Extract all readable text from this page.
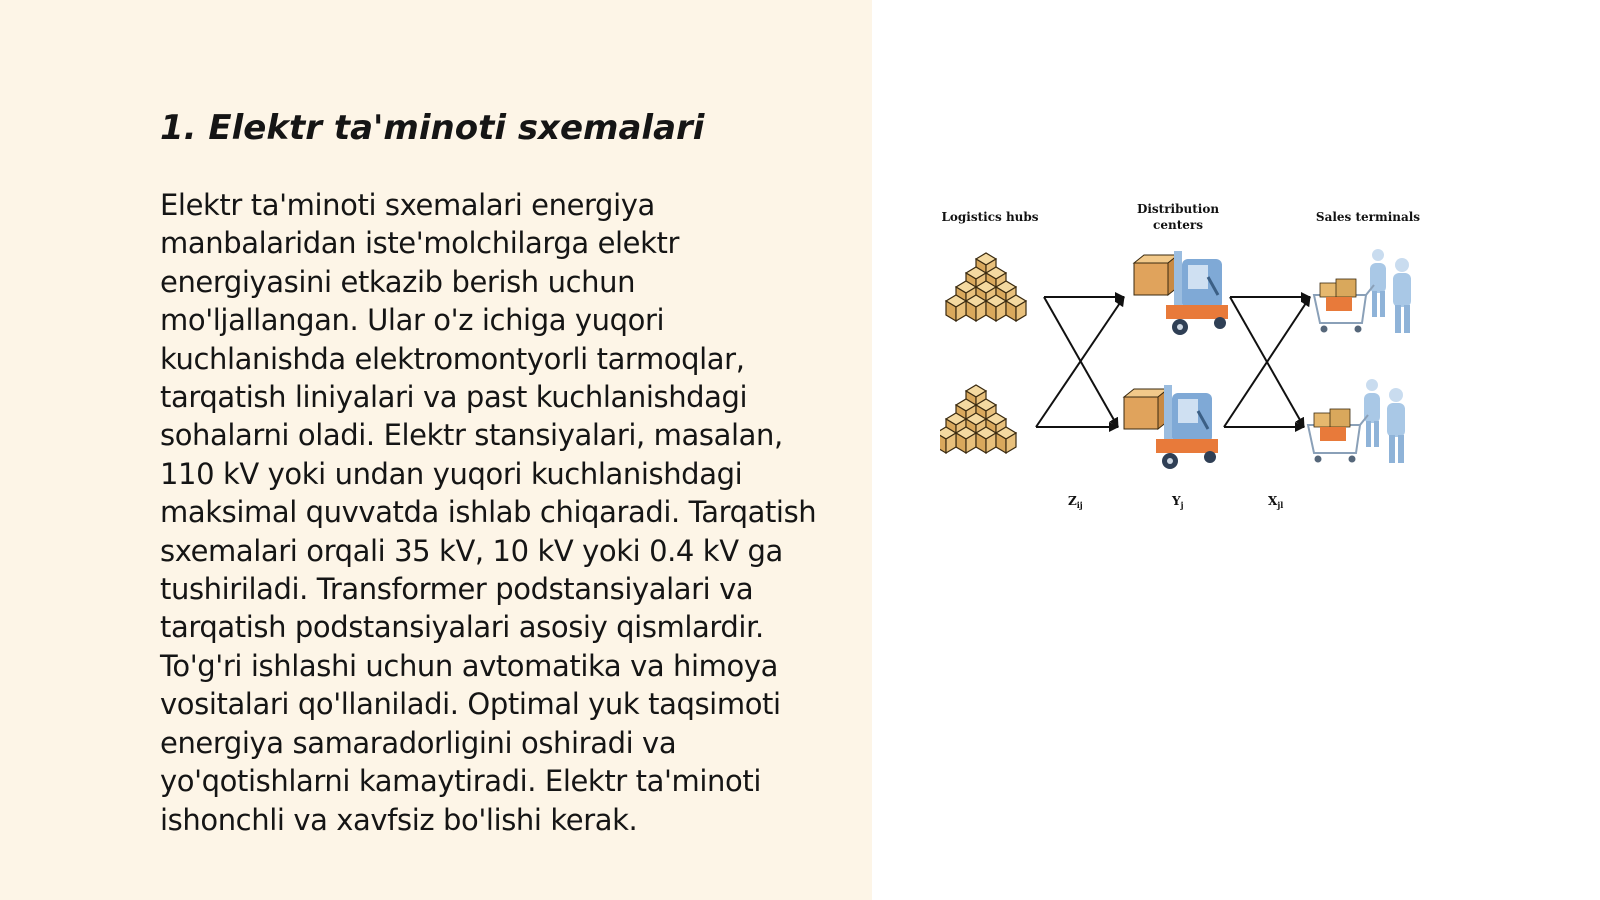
1. Elektr ta'minoti sxemalari

Elektr ta'minoti sxemalari energiya manbalaridan iste'molchilarga elektr energiyasini etkazib berish uchun mo'ljallangan. Ular o'z ichiga yuqori kuchlanishda elektromontyorli tarmoqlar, tarqatish liniyalari va past kuchlanishdagi sohalarni oladi. Elektr stansiyalari, masalan, 110 kV yoki undan yuqori kuchlanishdagi maksimal quvvatda ishlab chiqaradi. Tarqatish sxemalari orqali 35 kV, 10 kV yoki 0.4 kV ga tushiriladi. Transformer podstansiyalari va tarqatish podstansiyalari asosiy qismlardir. To'g'ri ishlashi uchun avtomatika va himoya vositalari qo'llaniladi. Optimal yuk taqsimoti energiya samaradorligini oshiradi va yo'qotishlarni kamaytiradi. Elektr ta'minoti ishonchli va xavfsiz bo'lishi kerak.

Logistics hubs
Distribution
centers
Sales terminals
$Z_{ij}$	$Y_j$	$X_{jl}$
